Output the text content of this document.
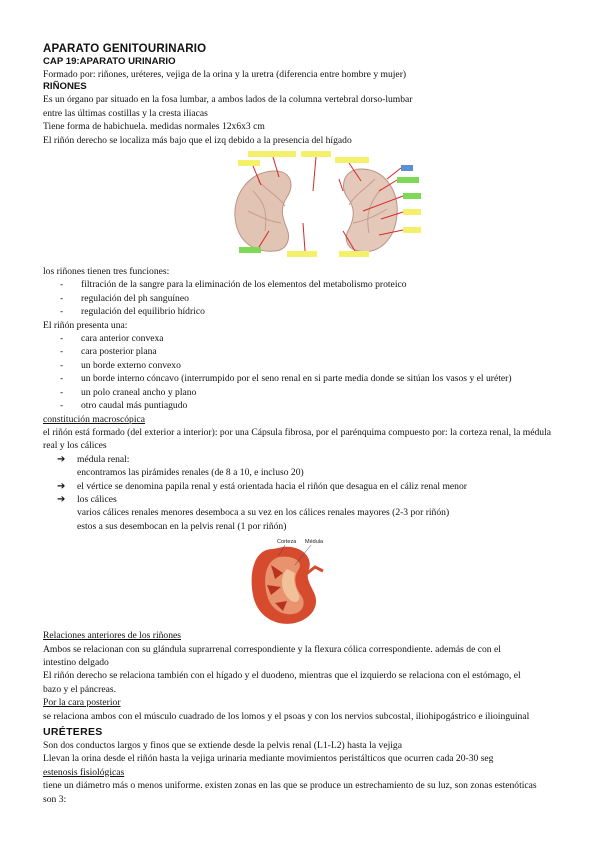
APARATO GENITOURINARIO
CAP 19:APARATO URINARIO

Formado por: riñones, uréteres, vejiga de la orina y la uretra (diferencia entre hombre y mujer)

RIÑONES

Es un órgano par situado en la fosa lumbar, a ambos lados de la columna vertebral dorso-lumbar

entre las últimas costillas y la cresta iliacas

Tiene forma de habichuela. medidas normales 12x6x3 cm

El riñón derecho se localiza más bajo que el izq debido a la presencia del hígado

los riñones tienen tres funciones:

- filtración de la sangre para la eliminación de los elementos del metabolismo proteico
- regulación del ph sanguíneo
- regulación del equilibrio hídrico

El riñón presenta una:

- cara anterior convexa
- cara posterior plana
- un borde externo convexo
- un borde interno cóncavo (interrumpido por el seno renal en si parte media donde se sitúan los vasos y el uréter)
- un polo craneal ancho y plano
- otro caudal más puntiagudo

constitución macroscópica

el riñón está formado (del exterior a interior): por una Cápsula fibrosa, por el parénquima compuesto por: la corteza renal, la médula real y los cálices

➔ médula renal:

encontramos las pirámides renales (de 8 a 10, e incluso 20)

➔ el vértice se denomina papila renal y está orientada hacia el riñón que desagua en el cáliz renal menor
➔ los cálices

varios cálices renales menores desemboca a su vez en los cálices renales mayores (2-3 por riñón)

estos a sus desembocan en la pelvis renal (1 por riñón)

Corteza Médula

Relaciones anteriores de los riñones

Ambos se relacionan con su glándula suprarrenal correspondiente y la flexura cólica correspondiente. además de con el

intestino delgado

El riñón derecho se relaciona también con el hígado y el duodeno, mientras que el izquierdo se relaciona con el estómago, el

bazo y el páncreas.

Por la cara posterior

se relaciona ambos con el músculo cuadrado de los lomos y el psoas y con los nervios subcostal, iliohipogástrico e ilioinguinal

URÉTERES

Son dos conductos largos y finos que se extiende desde la pelvis renal (L1-L2) hasta la vejiga

Llevan la orina desde el riñón hasta la vejiga urinaria mediante movimientos peristálticos que ocurren cada 20-30 seg

estenosis fisiológicas

tiene un diámetro más o menos uniforme. existen zonas en las que se produce un estrechamiento de su luz, son zonas estenóticas

son 3:
